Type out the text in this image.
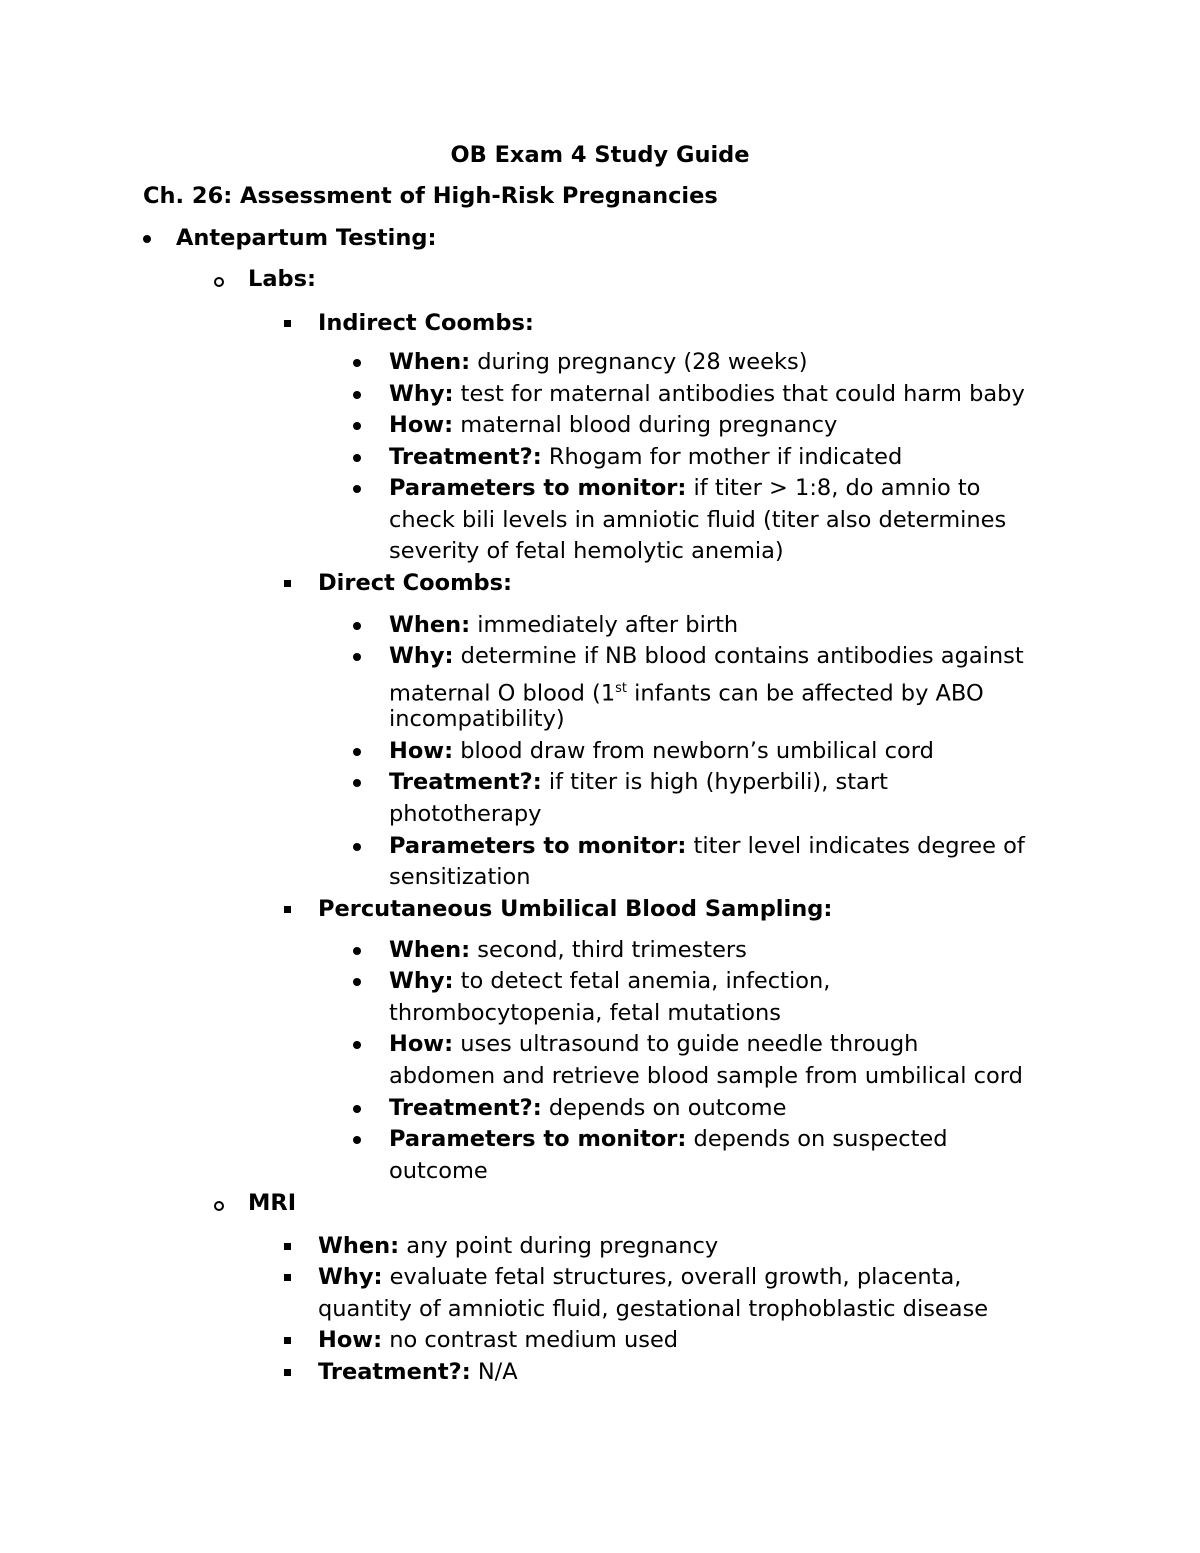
OB Exam 4 Study Guide

Ch. 26: Assessment of High-Risk Pregnancies

Antepartum Testing:
Labs:
Indirect Coombs:
When: during pregnancy (28 weeks)
Why: test for maternal antibodies that could harm baby
How: maternal blood during pregnancy
Treatment?: Rhogam for mother if indicated
Parameters to monitor: if titer > 1:8, do amnio to
check bili levels in amniotic fluid (titer also determines
severity of fetal hemolytic anemia)
Direct Coombs:
When: immediately after birth
Why: determine if NB blood contains antibodies against
maternal O blood (1st infants can be affected by ABO
incompatibility)
How: blood draw from newborn’s umbilical cord
Treatment?: if titer is high (hyperbili), start
phototherapy
Parameters to monitor: titer level indicates degree of
sensitization
Percutaneous Umbilical Blood Sampling:
When: second, third trimesters
Why: to detect fetal anemia, infection,
thrombocytopenia, fetal mutations
How: uses ultrasound to guide needle through
abdomen and retrieve blood sample from umbilical cord
Treatment?: depends on outcome
Parameters to monitor: depends on suspected
outcome
MRI
When: any point during pregnancy
Why: evaluate fetal structures, overall growth, placenta,
quantity of amniotic fluid, gestational trophoblastic disease
How: no contrast medium used
Treatment?: N/A
